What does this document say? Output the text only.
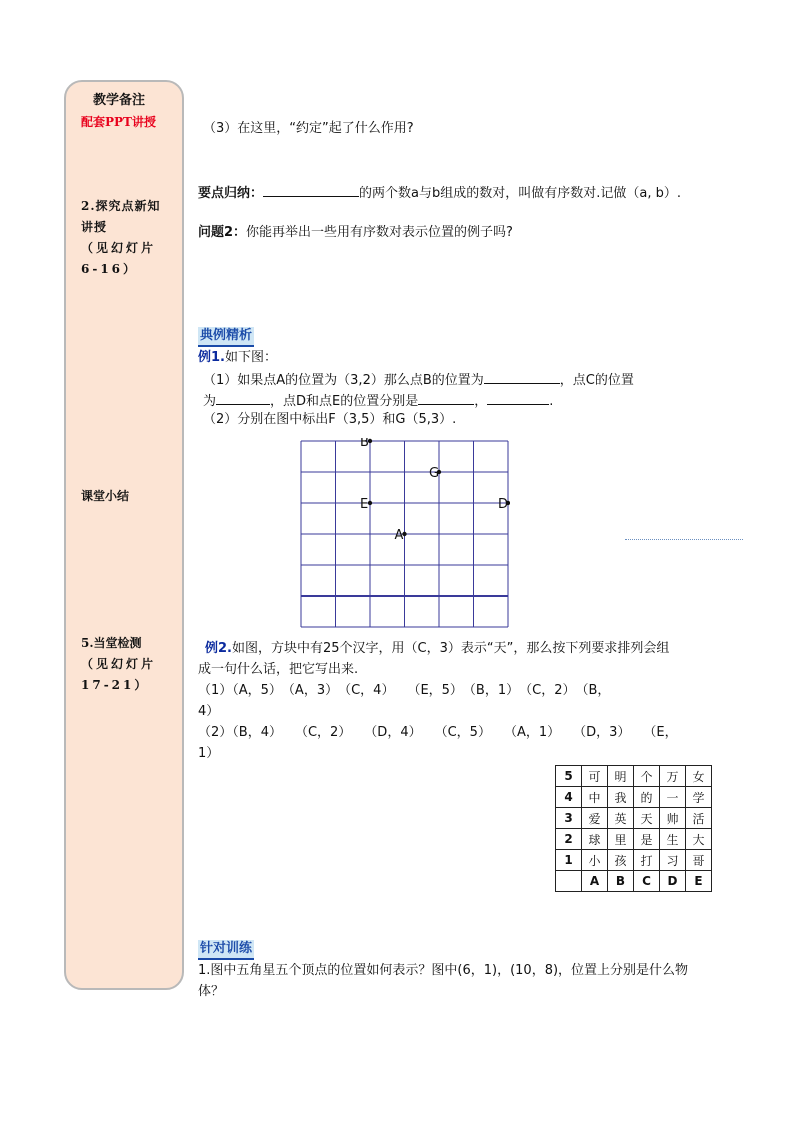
教学备注
配套PPT讲授
2.探究点新知讲授
（见幻灯片6-16）
课堂小结
5.当堂检测
（见幻灯片17-21）
（3）在这里，“约定”起了什么作用?
要点归纳：	的两个数a与b组成的数对，叫做有序数对.记做（a, b）.
问题2：你能再举出一些用有序数对表示位置的例子吗?
典例精析
例1.如下图：
（1）如果点A的位置为（3,2）那么点B的位置为	，点C的位置
为	，点D和点E的位置分别是	，	.
（2）分别在图中标出F（3,5）和G（5,3）.
B
G
E	D
A
例2.如图，方块中有25个汉字，用（C，3）表示“天”，那么按下列要求排列会组
成一句什么话，把它写出来.
（1）（A，5）　（A，3）　（C，4）　　（E，5）　（B，1）　（C，2）　（B，
4）
（2）（B，4）　　（C，2）　　（D，4）　　（C，5）　　（A，1）　　（D，3）　　（E，
1）
5	可	明	个	万	女
4	中	我	的	一	学
3	爱	英	天	帅	活
2	球	里	是	生	大
1	小	孩	打	习	哥
	A	B	C	D	E
针对训练
1.图中五角星五个顶点的位置如何表示？图中(6，1)，(10，8)，位置上分别是什么物
体？
